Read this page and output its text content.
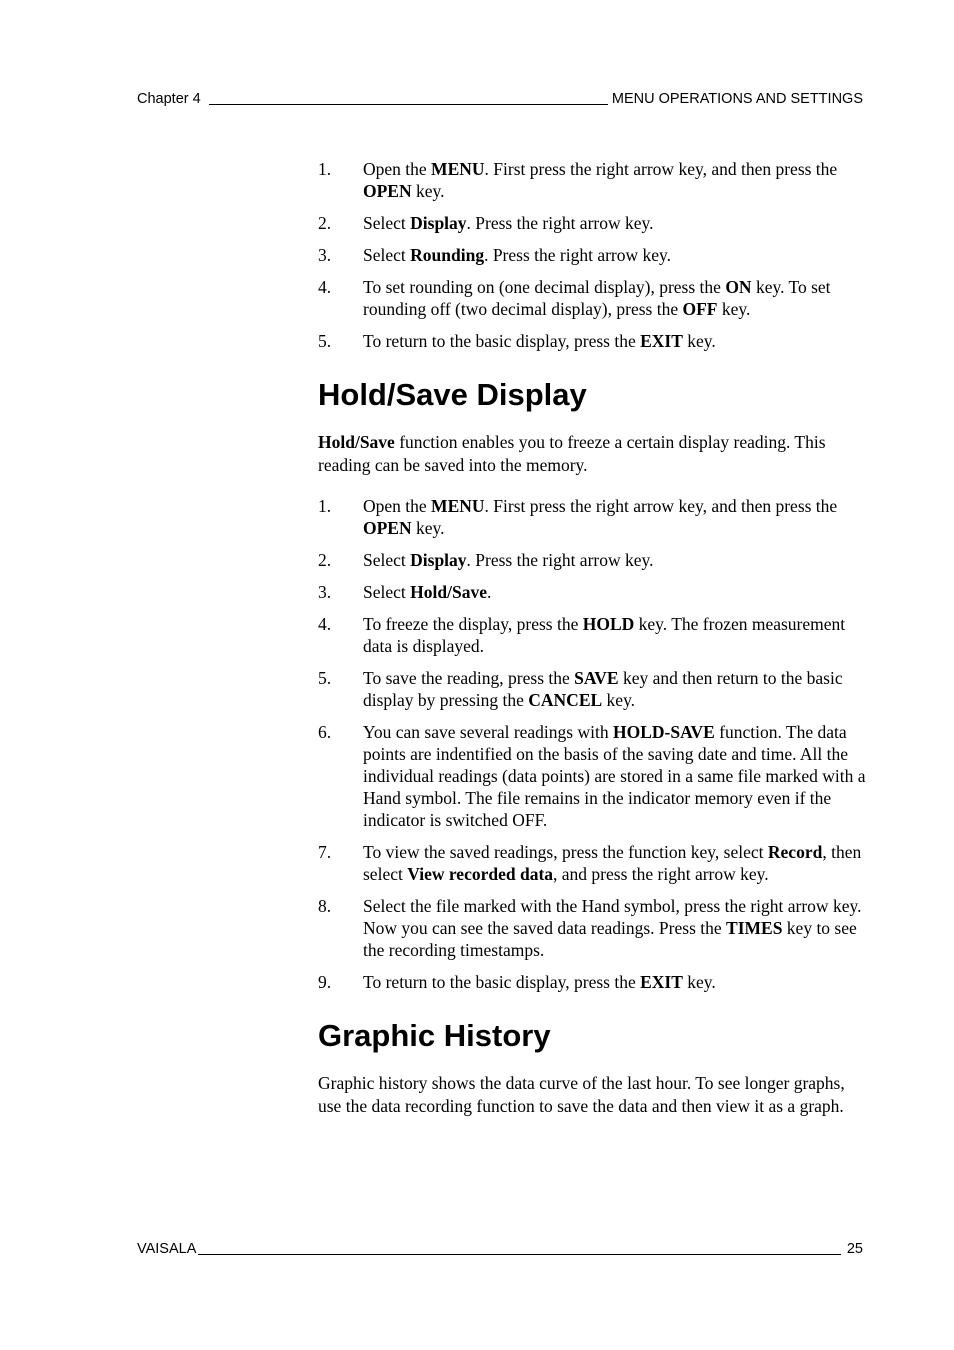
Chapter 4	MENU OPERATIONS AND SETTINGS
1.	Open the MENU. First press the right arrow key, and then press the OPEN key.
2.	Select Display. Press the right arrow key.
3.	Select Rounding. Press the right arrow key.
4.	To set rounding on (one decimal display), press the ON key. To set rounding off (two decimal display), press the OFF key.
5.	To return to the basic display, press the EXIT key.
Hold/Save Display

Hold/Save function enables you to freeze a certain display reading. This reading can be saved into the memory.

1.	Open the MENU. First press the right arrow key, and then press the OPEN key.
2.	Select Display. Press the right arrow key.
3.	Select Hold/Save.
4.	To freeze the display, press the HOLD key. The frozen measurement data is displayed.
5.	To save the reading, press the SAVE key and then return to the basic display by pressing the CANCEL key.
6.	You can save several readings with HOLD-SAVE function. The data points are indentified on the basis of the saving date and time. All the individual readings (data points) are stored in a same file marked with a Hand symbol. The file remains in the indicator memory even if the indicator is switched OFF.
7.	To view the saved readings, press the function key, select Record, then select View recorded data, and press the right arrow key.
8.	Select the file marked with the Hand symbol, press the right arrow key. Now you can see the saved data readings. Press the TIMES key to see the recording timestamps.
9.	To return to the basic display, press the EXIT key.
Graphic History

Graphic history shows the data curve of the last hour. To see longer graphs, use the data recording function to save the data and then view it as a graph.

VAISALA	25
